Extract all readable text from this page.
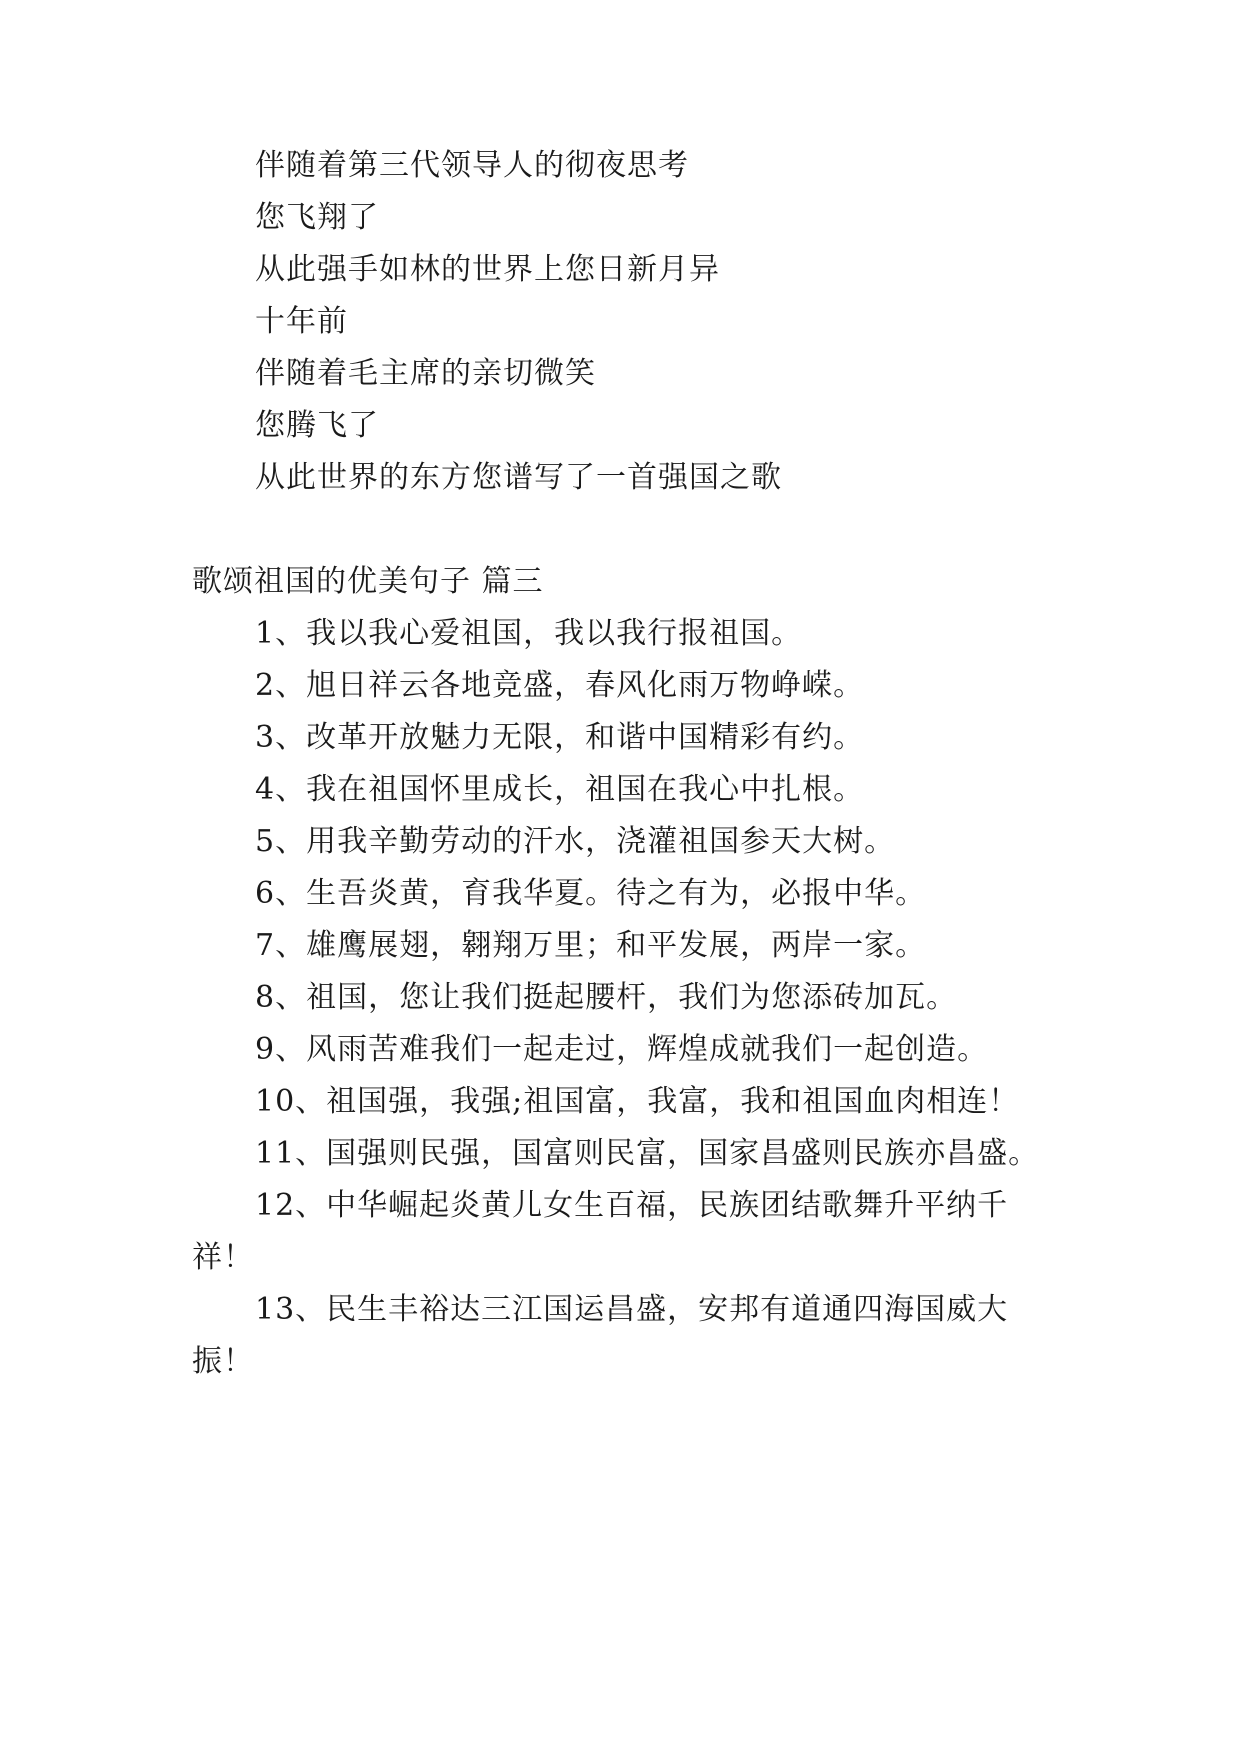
伴随着第三代领导人的彻夜思考
您飞翔了
从此强手如林的世界上您日新月异
十年前
伴随着毛主席的亲切微笑
您腾飞了
从此世界的东方您谱写了一首强国之歌
歌颂祖国的优美句子 篇三
1、我以我心爱祖国，我以我行报祖国。
2、旭日祥云各地竞盛，春风化雨万物峥嵘。
3、改革开放魅力无限，和谐中国精彩有约。
4、我在祖国怀里成长，祖国在我心中扎根。
5、用我辛勤劳动的汗水，浇灌祖国参天大树。
6、生吾炎黄，育我华夏。待之有为，必报中华。
7、雄鹰展翅，翱翔万里；和平发展，两岸一家。
8、祖国，您让我们挺起腰杆，我们为您添砖加瓦。
9、风雨苦难我们一起走过，辉煌成就我们一起创造。
10、祖国强，我强;祖国富，我富，我和祖国血肉相连！
11、国强则民强，国富则民富，国家昌盛则民族亦昌盛。
12、中华崛起炎黄儿女生百福，民族团结歌舞升平纳千
祥！
13、民生丰裕达三江国运昌盛，安邦有道通四海国威大
振！
